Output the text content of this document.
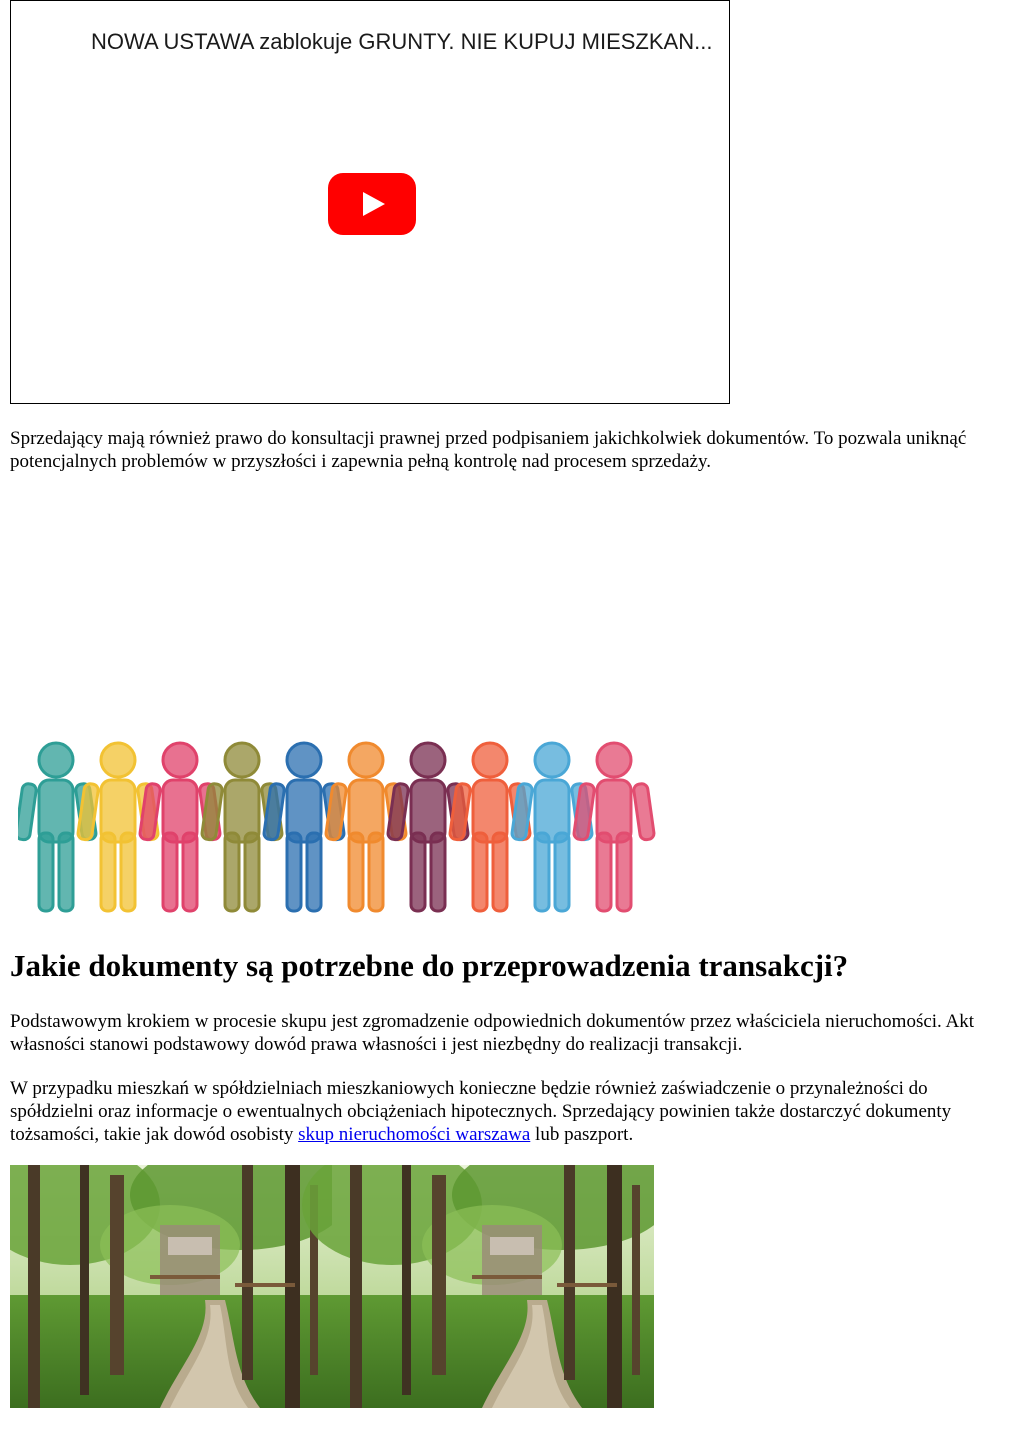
NOWA USTAWA zablokuje GRUNTY. NIE KUPUJ MIESZKAN...

Sprzedający mają również prawo do konsultacji prawnej przed podpisaniem jakichkolwiek dokumentów. To pozwala uniknąć potencjalnych problemów w przyszłości i zapewnia pełną kontrolę nad procesem sprzedaży.

Jakie dokumenty są potrzebne do przeprowadzenia transakcji?

Podstawowym krokiem w procesie skupu jest zgromadzenie odpowiednich dokumentów przez właściciela nieruchomości. Akt własności stanowi podstawowy dowód prawa własności i jest niezbędny do realizacji transakcji.

W przypadku mieszkań w spółdzielniach mieszkaniowych konieczne będzie również zaświadczenie o przynależności do spółdzielni oraz informacje o ewentualnych obciążeniach hipotecznych. Sprzedający powinien także dostarczyć dokumenty tożsamości, takie jak dowód osobisty skup nieruchomości warszawa lub paszport.
